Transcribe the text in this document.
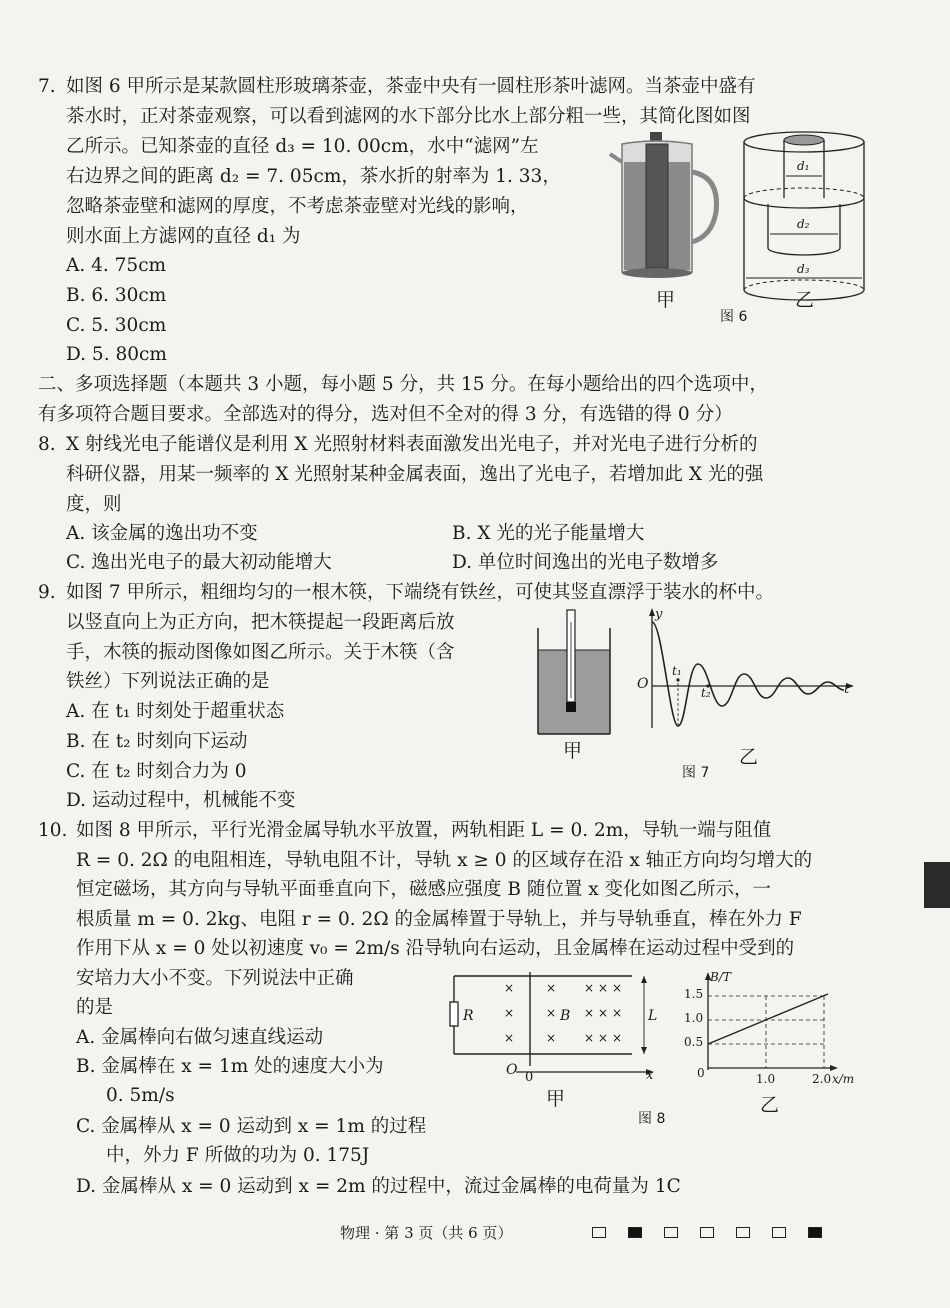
7. 如图 6 甲所示是某款圆柱形玻璃茶壶，茶壶中央有一圆柱形茶叶滤网。当茶壶中盛有
茶水时，正对茶壶观察，可以看到滤网的水下部分比水上部分粗一些，其简化图如图
乙所示。已知茶壶的直径 d₃ = 10. 00cm，水中“滤网”左
右边界之间的距离 d₂ = 7. 05cm，茶水折的射率为 1. 33，
忽略茶壶壁和滤网的厚度，不考虑茶壶壁对光线的影响，
则水面上方滤网的直径 d₁ 为
A. 4. 75cm
B. 6. 30cm
C. 5. 30cm
D. 5. 80cm
甲
d₁
d₂
d₃
乙
图 6
二、多项选择题（本题共 3 小题，每小题 5 分，共 15 分。在每小题给出的四个选项中，
有多项符合题目要求。全部选对的得分，选对但不全对的得 3 分，有选错的得 0 分）
8. X 射线光电子能谱仪是利用 X 光照射材料表面激发出光电子，并对光电子进行分析的
科研仪器，用某一频率的 X 光照射某种金属表面，逸出了光电子，若增加此 X 光的强
度，则
A. 该金属的逸出功不变	B. X 光的光子能量增大
C. 逸出光电子的最大初动能增大	D. 单位时间逸出的光电子数增多
9. 如图 7 甲所示，粗细均匀的一根木筷，下端绕有铁丝，可使其竖直漂浮于装水的杯中。
以竖直向上为正方向，把木筷提起一段距离后放
手，木筷的振动图像如图乙所示。关于木筷（含
铁丝）下列说法正确的是
A. 在 t₁ 时刻处于超重状态
B. 在 t₂ 时刻向下运动
C. 在 t₂ 时刻合力为 0
D. 运动过程中，机械能不变
甲
y
O	t
t₁
t₂
乙
图 7
10. 如图 8 甲所示，平行光滑金属导轨水平放置，两轨相距 L = 0. 2m，导轨一端与阻值
R = 0. 2Ω 的电阻相连，导轨电阻不计，导轨 x ≥ 0 的区域存在沿 x 轴正方向均匀增大的
恒定磁场，其方向与导轨平面垂直向下，磁感应强度 B 随位置 x 变化如图乙所示，一
根质量 m = 0. 2kg、电阻 r = 0. 2Ω 的金属棒置于导轨上，并与导轨垂直，棒在外力 F
作用下从 x = 0 处以初速度 v₀ = 2m/s 沿导轨向右运动，且金属棒在运动过程中受到的
安培力大小不变。下列说法中正确
的是
A. 金属棒向右做匀速直线运动
B. 金属棒在 x = 1m 处的速度大小为
0. 5m/s
C. 金属棒从 x = 0 运动到 x = 1m 的过程
中，外力 F 所做的功为 0. 175J
D. 金属棒从 x = 0 运动到 x = 2m 的过程中，流过金属棒的电荷量为 1C
×
×
×
×
×
×
×
×
×
×
×
×
×
×
×
R	B	L
O 0	x
甲
图 8
B/T
1.5
1.0
0.5
0	1.0	2.0 x/m
乙
物理 · 第 3 页（共 6 页）
